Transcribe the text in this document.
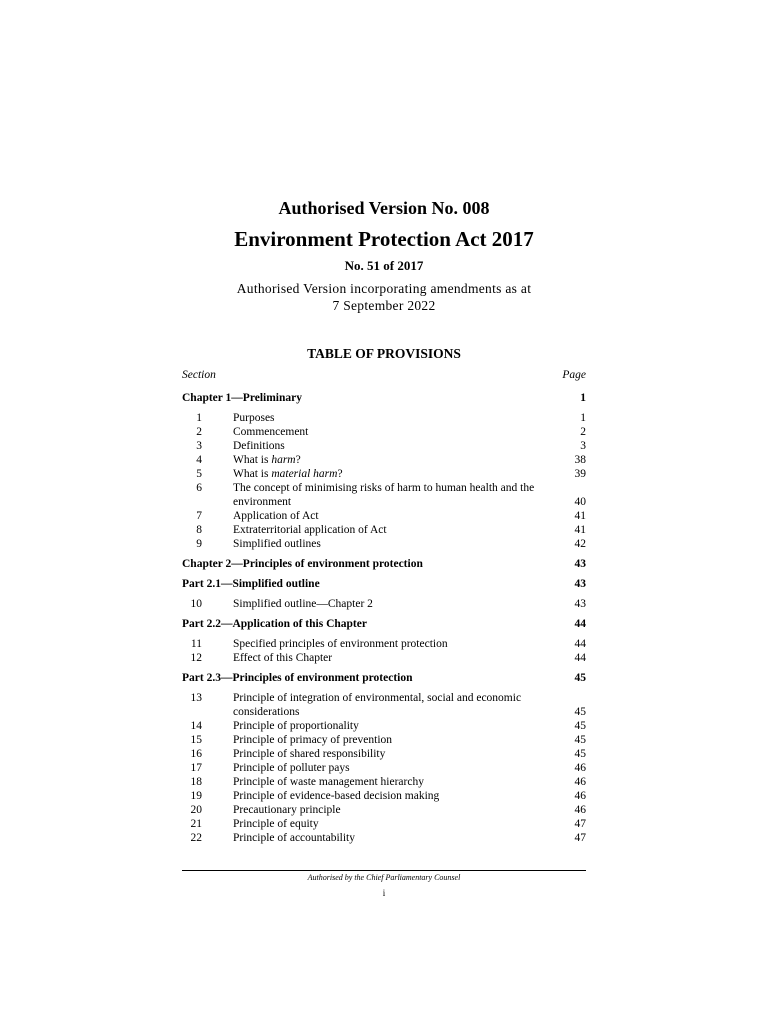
Authorised Version No. 008
Environment Protection Act 2017
No. 51 of 2017
Authorised Version incorporating amendments as at
7 September 2022
TABLE OF PROVISIONS
Section	Page
Chapter 1—Preliminary	1
1	Purposes	1
2	Commencement	2
3	Definitions	3
4	What is harm?	38
5	What is material harm?	39
6	The concept of minimising risks of harm to human health and the environment	40
7	Application of Act	41
8	Extraterritorial application of Act	41
9	Simplified outlines	42
Chapter 2—Principles of environment protection	43
Part 2.1—Simplified outline	43
10	Simplified outline—Chapter 2	43
Part 2.2—Application of this Chapter	44
11	Specified principles of environment protection	44
12	Effect of this Chapter	44
Part 2.3—Principles of environment protection	45
13	Principle of integration of environmental, social and economic considerations	45
14	Principle of proportionality	45
15	Principle of primacy of prevention	45
16	Principle of shared responsibility	45
17	Principle of polluter pays	46
18	Principle of waste management hierarchy	46
19	Principle of evidence-based decision making	46
20	Precautionary principle	46
21	Principle of equity	47
22	Principle of accountability	47
Authorised by the Chief Parliamentary Counsel
i
